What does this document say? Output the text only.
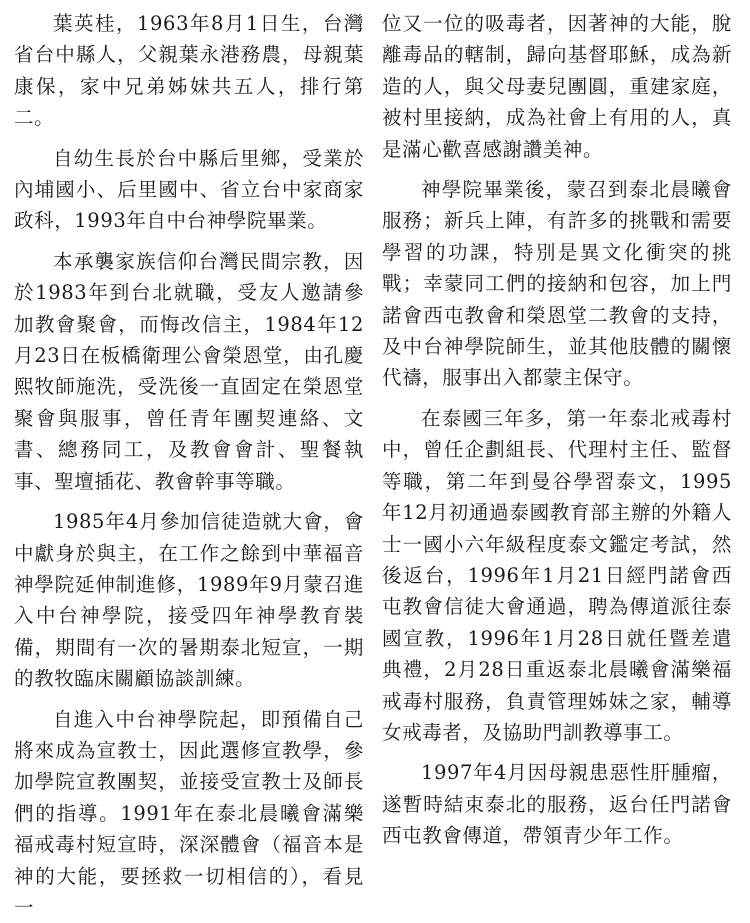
葉英桂，1963年8月1日生，台灣省台中縣人，父親葉永港務農，母親葉康保，家中兄弟姊妹共五人，排行第二。

自幼生長於台中縣后里鄉，受業於內埔國小、后里國中、省立台中家商家政科，1993年自中台神學院畢業。

本承襲家族信仰台灣民間宗教，因於1983年到台北就職，受友人邀請參加教會聚會，而悔改信主，1984年12月23日在板橋衛理公會榮恩堂，由孔慶熙牧師施洗，受洗後一直固定在榮恩堂聚會與服事，曾任青年團契連絡、文書、總務同工，及教會會計、聖餐執事、聖壇插花、教會幹事等職。

1985年4月參加信徒造就大會，會中獻身於與主，在工作之餘到中華福音神學院延伸制進修，1989年9月蒙召進入中台神學院，接受四年神學教育裝備，期間有一次的暑期泰北短宣，一期的教牧臨床關顧協談訓練。

自進入中台神學院起，即預備自己將來成為宣教士，因此選修宣教學，參加學院宣教團契，並接受宣教士及師長們的指導。1991年在泰北晨曦會滿樂福戒毒村短宣時，深深體會（福音本是神的大能，要拯救一切相信的），看見一

位又一位的吸毒者，因著神的大能，脫離毒品的轄制，歸向基督耶穌，成為新造的人，與父母妻兒團圓，重建家庭，被村里接納，成為社會上有用的人，真是滿心歡喜感謝讚美神。

神學院畢業後，蒙召到泰北晨曦會服務；新兵上陣，有許多的挑戰和需要學習的功課，特別是異文化衝突的挑戰；幸蒙同工們的接納和包容，加上門諾會西屯教會和榮恩堂二教會的支持，及中台神學院師生，並其他肢體的關懷代禱，服事出入都蒙主保守。

在泰國三年多，第一年泰北戒毒村中，曾任企劃組長、代理村主任、監督等職，第二年到曼谷學習泰文，1995年12月初通過泰國教育部主辦的外籍人士一國小六年級程度泰文鑑定考試，然後返台，1996年1月21日經門諾會西屯教會信徒大會通過，聘為傳道派往泰國宣教，1996年1月28日就任暨差遣典禮，2月28日重返泰北晨曦會滿樂福戒毒村服務，負責管理姊妹之家，輔導女戒毒者，及協助門訓教導事工。

1997年4月因母親患惡性肝腫瘤，遂暫時結束泰北的服務，返台任門諾會西屯教會傳道，帶領青少年工作。
